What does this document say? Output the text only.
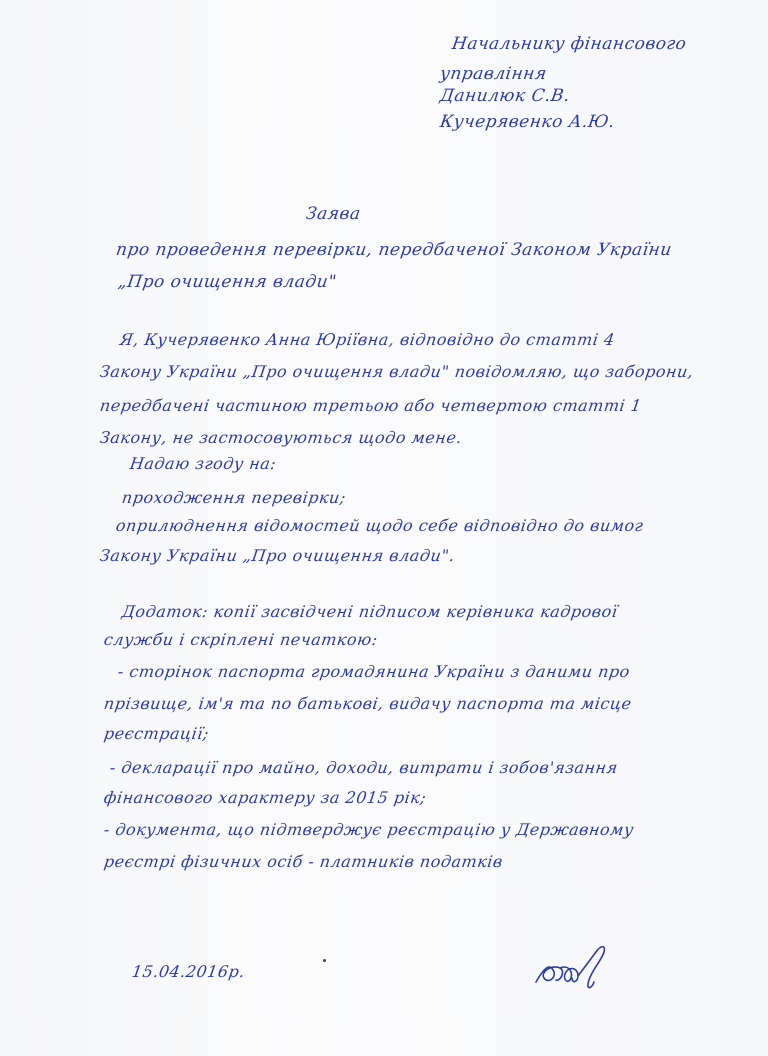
Начальнику фінансового
управління
Данилюк С.В.
Кучерявенко А.Ю.
Заява
про проведення перевірки, передбаченої Законом України
„Про очищення влади"
Я, Кучерявенко Анна Юріївна, відповідно до статті 4
Закону України „Про очищення влади" повідомляю, що заборони,
передбачені частиною третьою або четвертою статті 1
Закону, не застосовуються щодо мене.
Надаю згоду на:
проходження перевірки;
оприлюднення відомостей щодо себе відповідно до вимог
Закону України „Про очищення влади".
Додаток: копії засвідчені підписом керівника кадрової
служби і скріплені печаткою:
- сторінок паспорта громадянина України з даними про
прізвище, ім'я та по батькові, видачу паспорта та місце
реєстрації;
- декларації про майно, доходи, витрати і зобов'язання
фінансового характеру за 2015 рік;
- документа, що підтверджує реєстрацію у Державному
реєстрі фізичних осіб - платників податків
15.04.2016р.
